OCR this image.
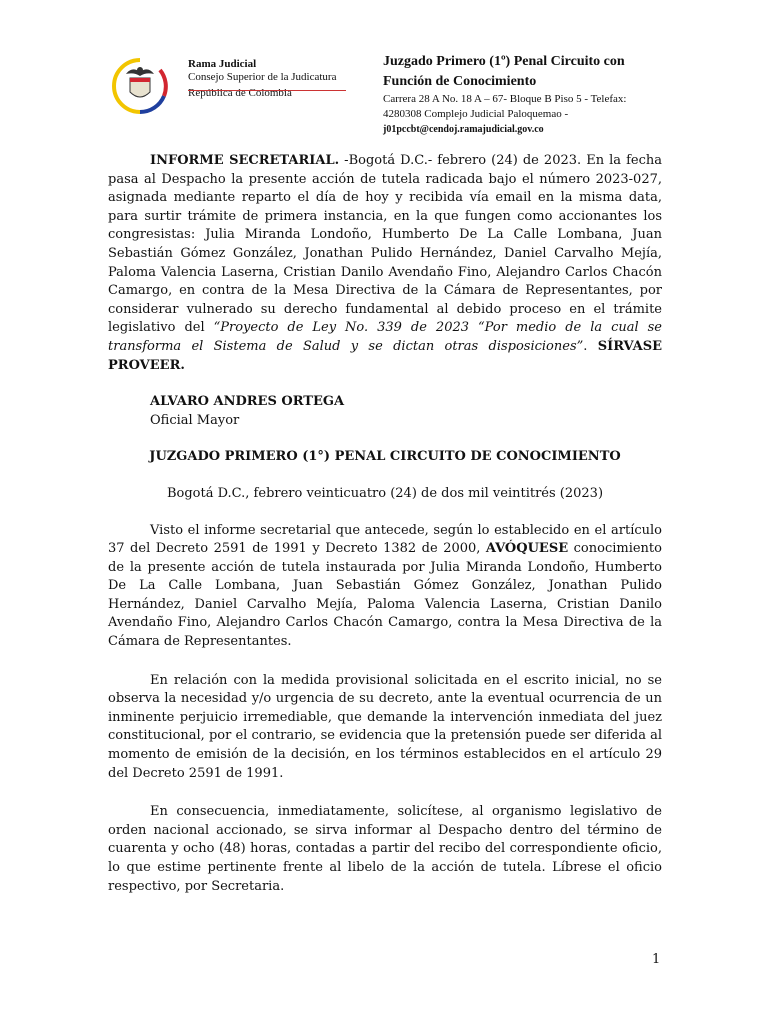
Rama Judicial
Consejo Superior de la Judicatura
República de Colombia
Juzgado Primero (1º) Penal Circuito con
Función de Conocimiento
Carrera 28 A No. 18 A – 67- Bloque B Piso 5 - Telefax:
4280308 Complejo Judicial Paloquemao -
j01pccbt@cendoj.ramajudicial.gov.co

INFORME SECRETARIAL. -Bogotá D.C.- febrero (24) de 2023. En la fecha pasa al Despacho la presente acción de tutela radicada bajo el número 2023-027, asignada mediante reparto el día de hoy y recibida vía email en la misma data, para surtir trámite de primera instancia, en la que fungen como accionantes los congresistas: Julia Miranda Londoño, Humberto De La Calle Lombana, Juan Sebastián Gómez González, Jonathan Pulido Hernández, Daniel Carvalho Mejía, Paloma Valencia Laserna, Cristian Danilo Avendaño Fino, Alejandro Carlos Chacón Camargo, en contra de la Mesa Directiva de la Cámara de Representantes, por considerar vulnerado su derecho fundamental al debido proceso en el trámite legislativo del “Proyecto de Ley No. 339 de 2023 “Por medio de la cual se transforma el Sistema de Salud y se dictan otras disposiciones”. SÍRVASE PROVEER.

ALVARO ANDRES ORTEGA
Oficial Mayor

JUZGADO PRIMERO (1°) PENAL CIRCUITO DE CONOCIMIENTO

Bogotá D.C., febrero veinticuatro (24) de dos mil veintitrés (2023)

Visto el informe secretarial que antecede, según lo establecido en el artículo 37 del Decreto 2591 de 1991 y Decreto 1382 de 2000, AVÓQUESE conocimiento de la presente acción de tutela instaurada por Julia Miranda Londoño, Humberto De La Calle Lombana, Juan Sebastián Gómez González, Jonathan Pulido Hernández, Daniel Carvalho Mejía, Paloma Valencia Laserna, Cristian Danilo Avendaño Fino, Alejandro Carlos Chacón Camargo, contra la Mesa Directiva de la Cámara de Representantes.

En relación con la medida provisional solicitada en el escrito inicial, no se observa la necesidad y/o urgencia de su decreto, ante la eventual ocurrencia de un inminente perjuicio irremediable, que demande la intervención inmediata del juez constitucional, por el contrario, se evidencia que la pretensión puede ser diferida al momento de emisión de la decisión, en los términos establecidos en el artículo 29 del Decreto 2591 de 1991.

En consecuencia, inmediatamente, solicítese, al organismo legislativo de orden nacional accionado, se sirva informar al Despacho dentro del término de cuarenta y ocho (48) horas, contadas a partir del recibo del correspondiente oficio, lo que estime pertinente frente al libelo de la acción de tutela. Líbrese el oficio respectivo, por Secretaria.

1
